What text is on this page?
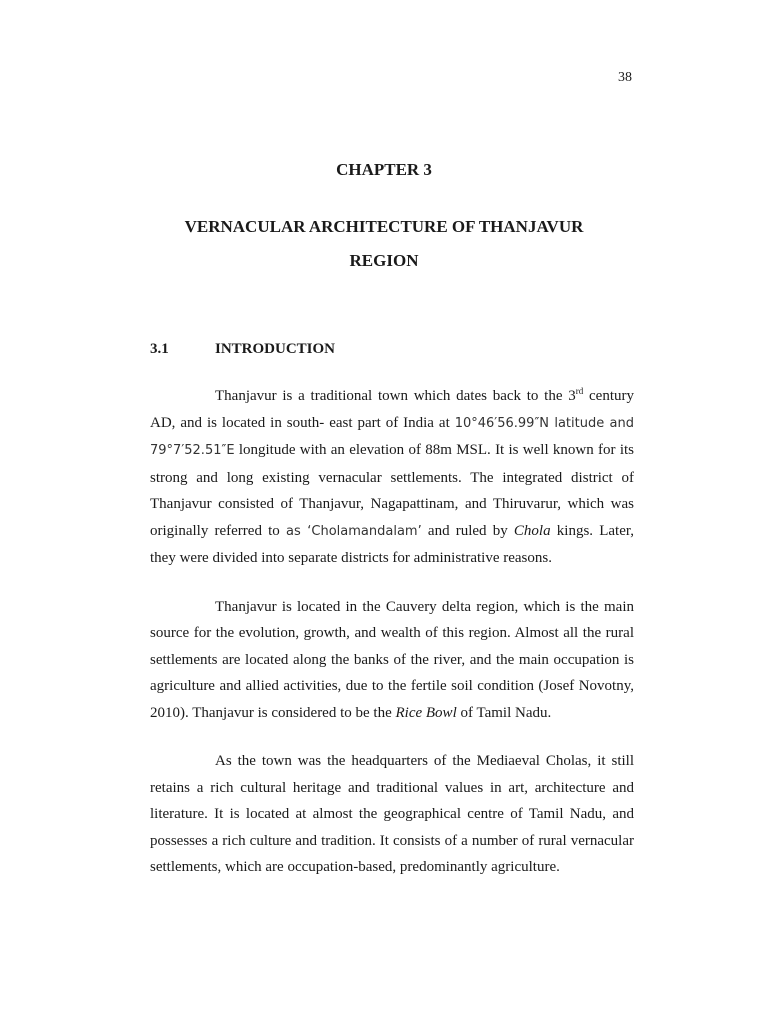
38
CHAPTER 3
VERNACULAR ARCHITECTURE OF THANJAVUR REGION
3.1	INTRODUCTION

Thanjavur is a traditional town which dates back to the 3rd century AD, and is located in south- east part of India at 10°46′56.99″N latitude and 79°7′52.51″E longitude with an elevation of 88m MSL. It is well known for its strong and long existing vernacular settlements. The integrated district of Thanjavur consisted of Thanjavur, Nagapattinam, and Thiruvarur, which was originally referred to as ‘Cholamandalam’ and ruled by Chola kings. Later, they were divided into separate districts for administrative reasons.

Thanjavur is located in the Cauvery delta region, which is the main source for the evolution, growth, and wealth of this region. Almost all the rural settlements are located along the banks of the river, and the main occupation is agriculture and allied activities, due to the fertile soil condition (Josef Novotny, 2010). Thanjavur is considered to be the Rice Bowl of Tamil Nadu.

As the town was the headquarters of the Mediaeval Cholas, it still retains a rich cultural heritage and traditional values in art, architecture and literature. It is located at almost the geographical centre of Tamil Nadu, and possesses a rich culture and tradition. It consists of a number of rural vernacular settlements, which are occupation-based, predominantly agriculture.
